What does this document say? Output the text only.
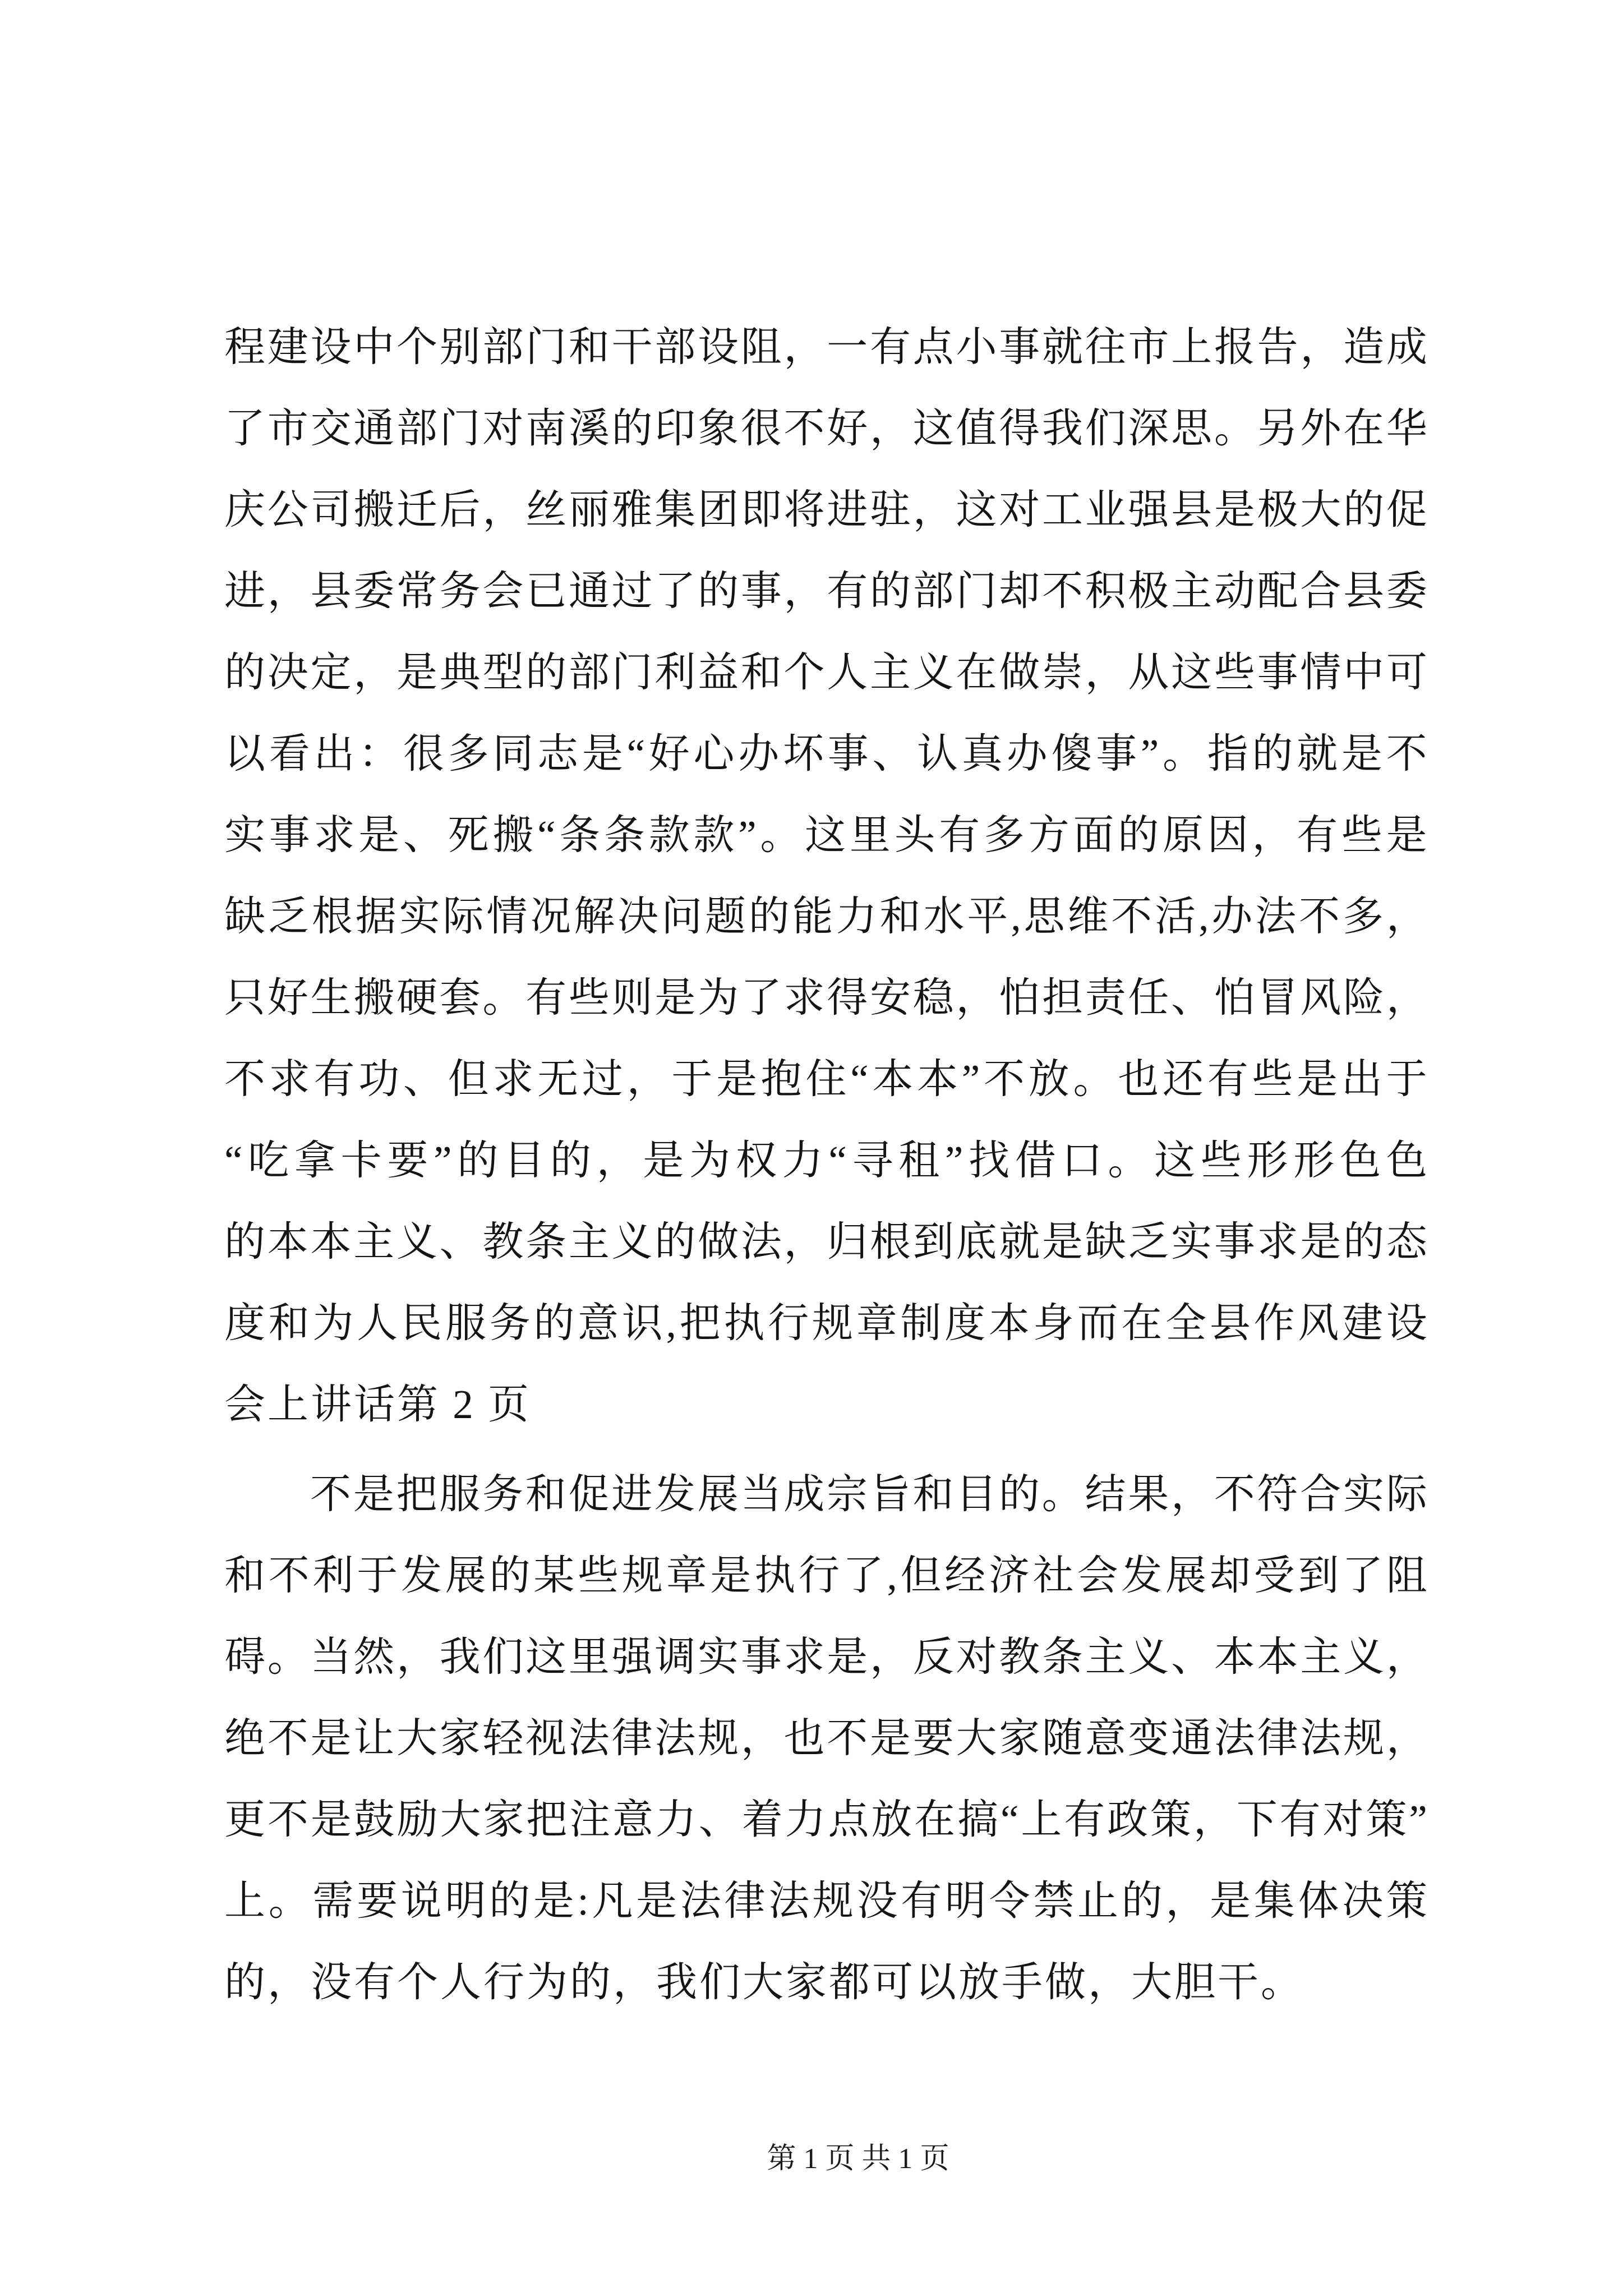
程 建 设 中 个 别 部 门 和 干 部 设 阻 ， 一 有 点 小 事 就 往 市 上 报 告 ， 造 成
了 市 交 通 部 门 对 南 溪 的 印 象 很 不 好 ， 这 值 得 我 们 深 思 。 另 外 在 华
庆 公 司 搬 迁 后 ， 丝 丽 雅 集 团 即 将 进 驻 ， 这 对 工 业 强 县 是 极 大 的 促
进 ， 县 委 常 务 会 已 通 过 了 的 事 ， 有 的 部 门 却 不 积 极 主 动 配 合 县 委
的 决 定 ， 是 典 型 的 部 门 利 益 和 个 人 主 义 在 做 崇 ， 从 这 些 事 情 中 可
以 看 出 ： 很 多 同 志 是 “ 好 心 办 坏 事 、 认 真 办 傻 事 ” 。 指 的 就 是 不
实 事 求 是 、 死 搬 “ 条 条 款 款 ” 。 这 里 头 有 多 方 面 的 原 因 ， 有 些 是
缺 乏 根 据 实 际 情 况 解 决 问 题 的 能 力 和 水 平 , 思 维 不 活 , 办 法 不 多 ，
只 好 生 搬 硬 套 。 有 些 则 是 为 了 求 得 安 稳 ， 怕 担 责 任 、 怕 冒 风 险 ，
不 求 有 功 、 但 求 无 过 ， 于 是 抱 住 “ 本 本 ” 不 放 。 也 还 有 些 是 出 于
“ 吃 拿 卡 要 ” 的 目 的 ， 是 为 权 力 “ 寻 租 ” 找 借 口 。 这 些 形 形 色 色
的 本 本 主 义 、 教 条 主 义 的 做 法 ， 归 根 到 底 就 是 缺 乏 实 事 求 是 的 态
度 和 为 人 民 服 务 的 意 识 , 把 执 行 规 章 制 度 本 身 而 在 全 县 作 风 建 设
会上讲话第 2 页
不 是 把 服 务 和 促 进 发 展 当 成 宗 旨 和 目 的 。 结 果 ， 不 符 合 实 际
和 不 利 于 发 展 的 某 些 规 章 是 执 行 了 , 但 经 济 社 会 发 展 却 受 到 了 阻
碍 。 当 然 ， 我 们 这 里 强 调 实 事 求 是 ， 反 对 教 条 主 义 、 本 本 主 义 ，
绝 不 是 让 大 家 轻 视 法 律 法 规 ， 也 不 是 要 大 家 随 意 变 通 法 律 法 规 ，
更 不 是 鼓 励 大 家 把 注 意 力 、 着 力 点 放 在 搞 “ 上 有 政 策 ， 下 有 对 策 ”
上 。 需 要 说 明 的 是 : 凡 是 法 律 法 规 没 有 明 令 禁 止 的 ， 是 集 体 决 策
的，没有个人行为的，我们大家都可以放手做，大胆干。
第 1 页 共 1 页
